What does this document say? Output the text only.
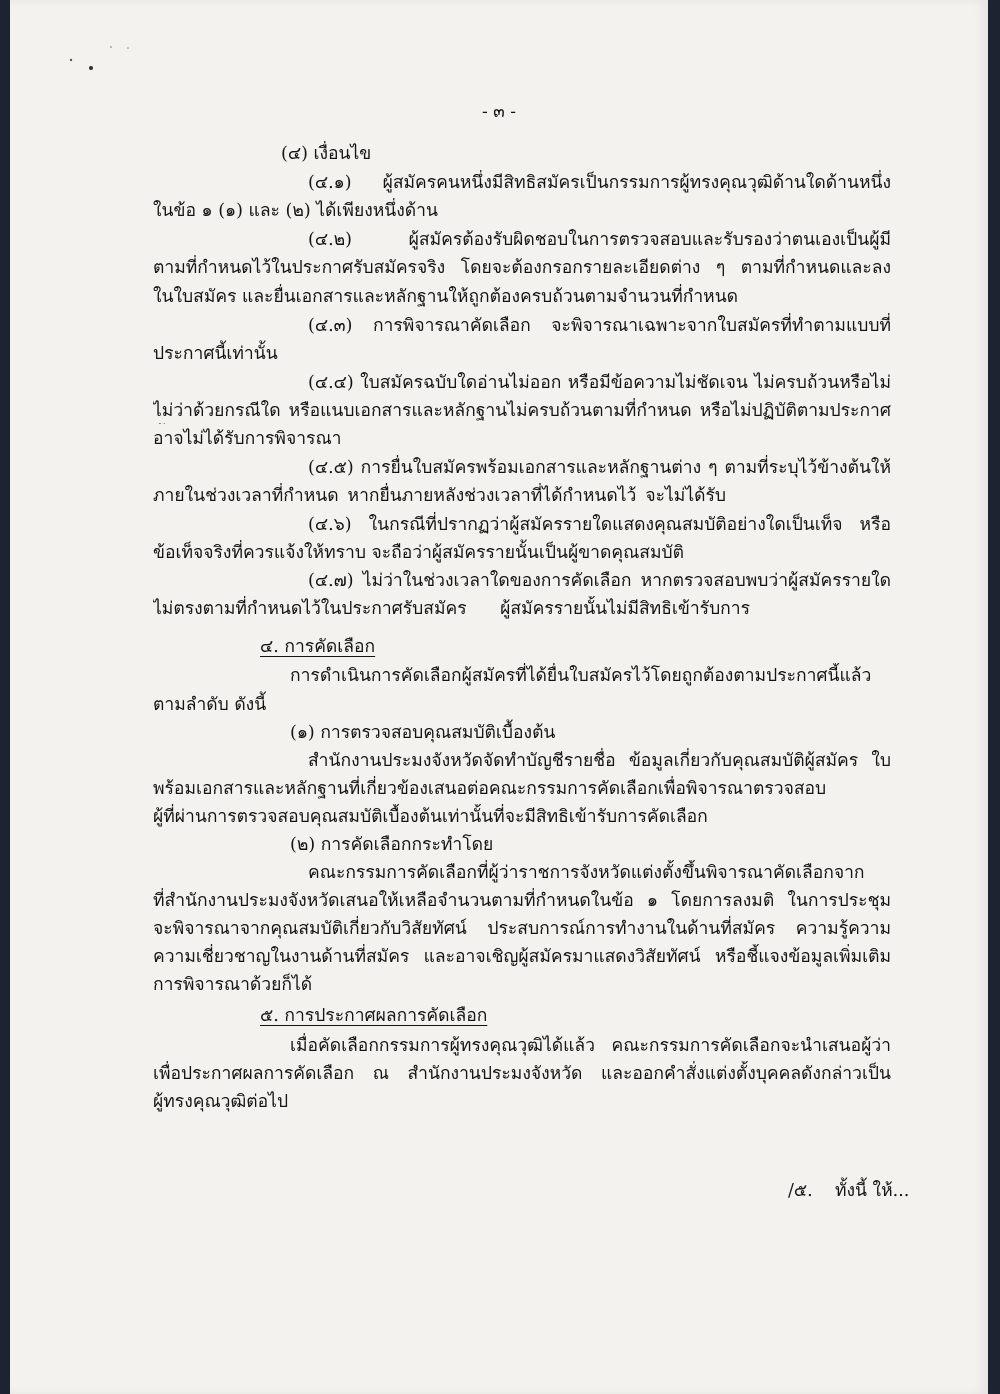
- ๓ -
(๔) เงื่อนไข
(๔.๑) ผู้สมัครคนหนึ่งมีสิทธิสมัครเป็นกรรมการผู้ทรงคุณวุฒิด้านใดด้านหนึ่ง
ในข้อ ๑ (๑) และ (๒) ได้เพียงหนึ่งด้าน
(๔.๒) ผู้สมัครต้องรับผิดชอบในการตรวจสอบและรับรองว่าตนเองเป็นผู้มี
ตามที่กำหนดไว้ในประกาศรับสมัครจริง โดยจะต้องกรอกรายละเอียดต่าง ๆ ตามที่กำหนดและลง
ในใบสมัคร และยื่นเอกสารและหลักฐานให้ถูกต้องครบถ้วนตามจำนวนที่กำหนด
(๔.๓) การพิจารณาคัดเลือก จะพิจารณาเฉพาะจากใบสมัครที่ทำตามแบบที่
ประกาศนี้เท่านั้น
(๔.๔) ใบสมัครฉบับใดอ่านไม่ออก หรือมีข้อความไม่ชัดเจน ไม่ครบถ้วนหรือไม่
ไม่ว่าด้วยกรณีใด หรือแนบเอกสารและหลักฐานไม่ครบถ้วนตามที่กำหนด หรือไม่ปฏิบัติตามประกาศ
อาจไม่ได้รับการพิจารณา
(๔.๕) การยื่นใบสมัครพร้อมเอกสารและหลักฐานต่าง ๆ ตามที่ระบุไว้ข้างต้นให้
ภายในช่วงเวลาที่กำหนด หากยื่นภายหลังช่วงเวลาที่ได้กำหนดไว้ จะไม่ได้รับ
(๔.๖) ในกรณีที่ปรากฏว่าผู้สมัครรายใดแสดงคุณสมบัติอย่างใดเป็นเท็จ หรือ
ข้อเท็จจริงที่ควรแจ้งให้ทราบ จะถือว่าผู้สมัครรายนั้นเป็นผู้ขาดคุณสมบัติ
(๔.๗) ไม่ว่าในช่วงเวลาใดของการคัดเลือก หากตรวจสอบพบว่าผู้สมัครรายใด
ไม่ตรงตามที่กำหนดไว้ในประกาศรับสมัคร ผู้สมัครรายนั้นไม่มีสิทธิเข้ารับการ
๔. การคัดเลือก
การดำเนินการคัดเลือกผู้สมัครที่ได้ยื่นใบสมัครไว้โดยถูกต้องตามประกาศนี้แล้ว
ตามลำดับ ดังนี้
(๑) การตรวจสอบคุณสมบัติเบื้องต้น
สำนักงานประมงจังหวัดจัดทำบัญชีรายชื่อ ข้อมูลเกี่ยวกับคุณสมบัติผู้สมัคร ใบ
พร้อมเอกสารและหลักฐานที่เกี่ยวข้องเสนอต่อคณะกรรมการคัดเลือกเพื่อพิจารณาตรวจสอบ
ผู้ที่ผ่านการตรวจสอบคุณสมบัติเบื้องต้นเท่านั้นที่จะมีสิทธิเข้ารับการคัดเลือก
(๒) การคัดเลือกกระทำโดย
คณะกรรมการคัดเลือกที่ผู้ว่าราชการจังหวัดแต่งตั้งขึ้นพิจารณาคัดเลือกจาก
ที่สำนักงานประมงจังหวัดเสนอให้เหลือจำนวนตามที่กำหนดในข้อ ๑ โดยการลงมติ ในการประชุม
จะพิจารณาจากคุณสมบัติเกี่ยวกับวิสัยทัศน์ ประสบการณ์การทำงานในด้านที่สมัคร ความรู้ความ
ความเชี่ยวชาญในงานด้านที่สมัคร และอาจเชิญผู้สมัครมาแสดงวิสัยทัศน์ หรือชี้แจงข้อมูลเพิ่มเติม
การพิจารณาด้วยก็ได้
๕. การประกาศผลการคัดเลือก
เมื่อคัดเลือกกรรมการผู้ทรงคุณวุฒิได้แล้ว คณะกรรมการคัดเลือกจะนำเสนอผู้ว่า
เพื่อประกาศผลการคัดเลือก ณ สำนักงานประมงจังหวัด และออกคำสั่งแต่งตั้งบุคคลดังกล่าวเป็น
ผู้ทรงคุณวุฒิต่อไป
/๕.    ทั้งนี้ ให้...
